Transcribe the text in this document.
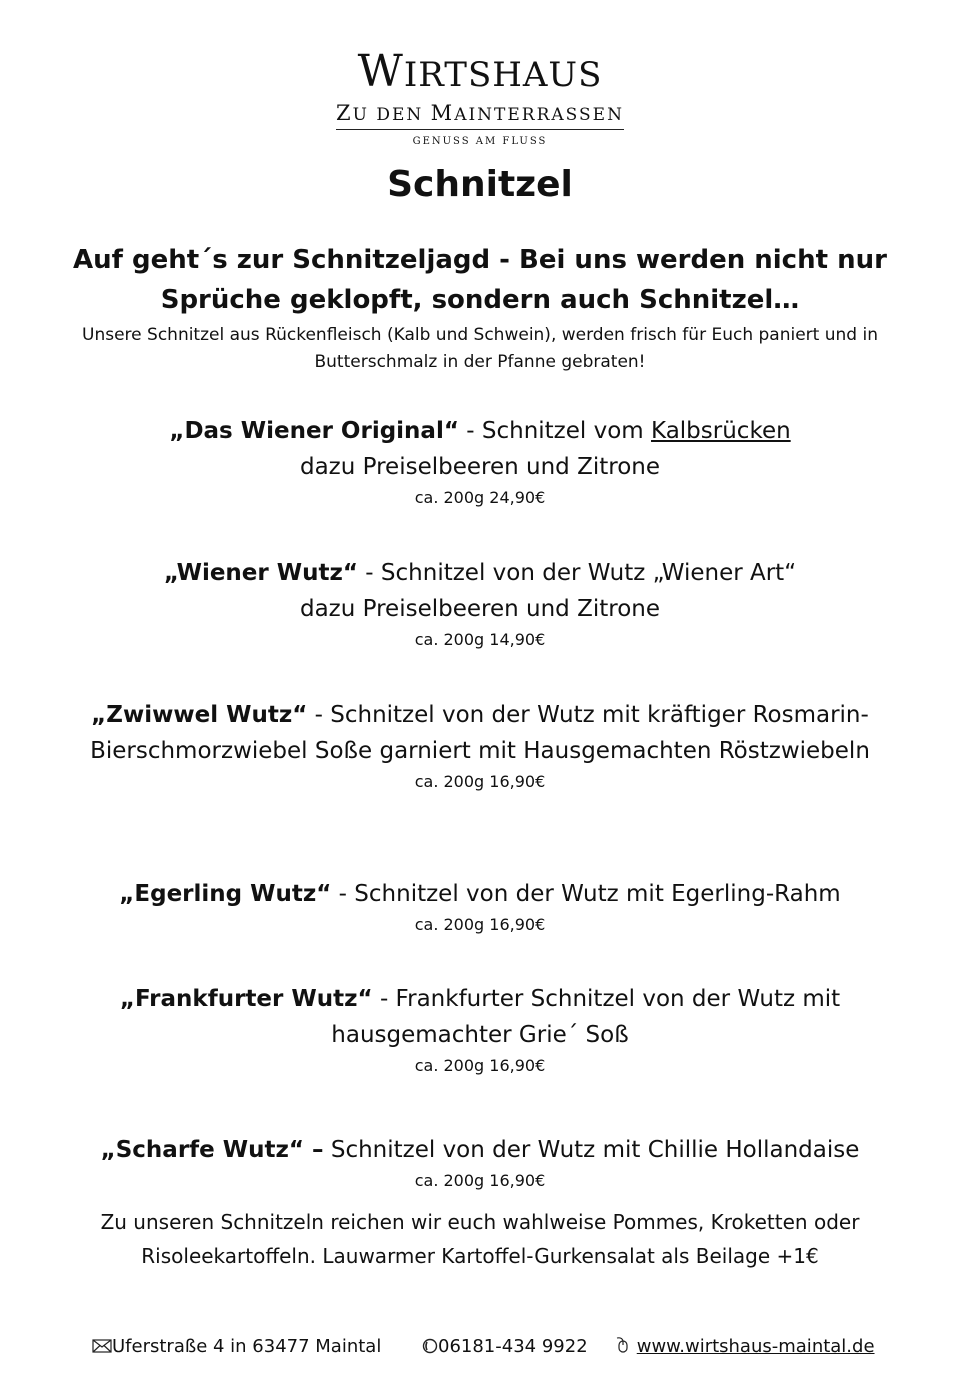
WIRTSHAUS
ZU DEN MAINTERRASSEN
GENUSS AM FLUSS
Schnitzel
Auf geht´s zur Schnitzeljagd - Bei uns werden nicht nur Sprüche geklopft, sondern auch Schnitzel…
Unsere Schnitzel aus Rückenfleisch (Kalb und Schwein), werden frisch für Euch paniert und in Butterschmalz in der Pfanne gebraten!
„Das Wiener Original“ - Schnitzel vom Kalbsrücken
dazu Preiselbeeren und Zitrone
ca. 200g 24,90€
„Wiener Wutz“ - Schnitzel von der Wutz „Wiener Art“
dazu Preiselbeeren und Zitrone
ca. 200g 14,90€
„Zwiwwel Wutz“ - Schnitzel von der Wutz mit kräftiger Rosmarin-Bierschmorzwiebel Soße garniert mit Hausgemachten Röstzwiebeln
ca. 200g 16,90€
„Egerling Wutz“ - Schnitzel von der Wutz mit Egerling-Rahm
ca. 200g 16,90€
„Frankfurter Wutz“ - Frankfurter Schnitzel von der Wutz mit hausgemachter Grie´ Soß
ca. 200g 16,90€
„Scharfe Wutz“ – Schnitzel von der Wutz mit Chillie Hollandaise
ca. 200g 16,90€
Zu unseren Schnitzeln reichen wir euch wahlweise Pommes, Kroketten oder Risoleekartoffeln. Lauwarmer Kartoffel-Gurkensalat als Beilage +1€
Uferstraße 4 in 63477 Maintal	06181-434 9922	www.wirtshaus-maintal.de
